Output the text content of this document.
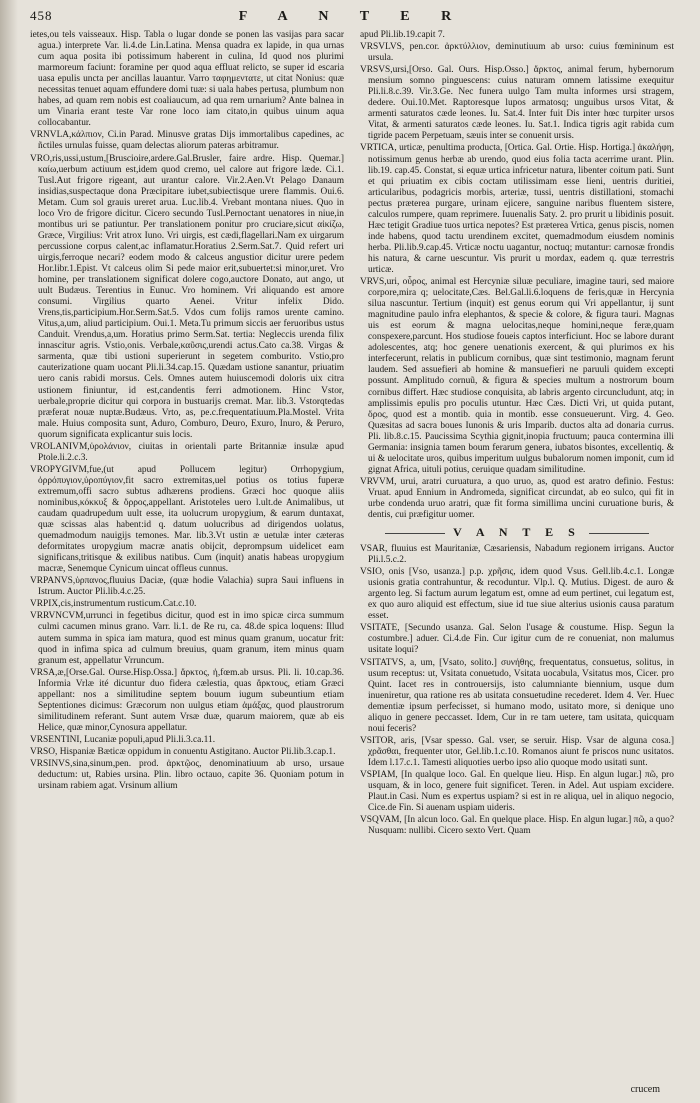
458	F A N T E R

ietes,ou tels vaisseaux. Hisp. Tabla o lugar donde se ponen las vasijas para sacar agua.) interprete Var. li.4.de Lin.Latina. Mensa quadra ex lapide, in qua urnas cum aqua posita ibi potissimum haberent in culina, Id quod nos plurimi marmoreum faciunt: foramine per quod aqua effluat relicto, se super id escaria uasa epulis uncta per ancillas lauantur. Varro ταφημεντατε, ut citat Nonius: quæ necessitas tenuet aquam effundere domi tuæ: si uala habes pertusa, plumbum non habes, ad quam rem nobis est coaliaucum, ad qua rem urnarium? Ante balnea in um Vinaria erant teste Var rone loco iam citato,in quibus uinum aqua collocabantur.

VRNVLA,κάλπιον, Ci.in Parad. Minusve gratas Dijs immortalibus capedines, ac ñctiles urnulas fuisse, quam delectas aliorum pateras arbitramur.

VRO,ris,ussi,ustum,[Bruscioire,ardere.Gal.Brusler, faire ardre. Hisp. Quemar.] καίω,uerbum actiuum est,idem quod cremo, uel calore aut frigore læde. Ci.1. Tusl.Aut frigore rigeant, aut urantur calore. Vir.2.Aen.Vt Pelago Danaum insidias,suspectaque dona Præcipitare iubet,subiectisque urere flammis. Oui.6. Metam. Cum sol grauis ureret arua. Luc.lib.4. Vrebant montana niues. Quo in loco Vro de frigore dicitur. Cicero secundo Tusl.Pernoctant uenatores in niue,in montibus uri se patiuntur. Per translationem ponitur pro cruciare,sicut αἰκίζω, Græce, Virgilius: Vrit atrox Iuno. Vri uirgis, est cædi,flagellari.Nam ex uirgarum percussione corpus calent,ac inflamatur.Horatius 2.Serm.Sat.7. Quid refert uri uirgis,ferroque necari? eodem modo & calceus angustior dicitur urere pedem Hor.libr.1.Epist. Vt calceus olim Si pede maior erit,subuertet:si minor,uret. Vro homine, per translationem significat dolere cogo,auctore Donato, aut ango, ut uult Budæus. Terentius in Eunuc. Vro hominem. Vri aliquando est amore consumi. Virgilius quarto Aenei. Vritur infelix Dido. Vrens,tis,participium.Hor.Serm.Sat.5. Vdos cum folijs ramos urente camino. Vitus,a,um, aliud participium. Oui.1. Meta.Tu primum siccis aer feruoribus ustus Canduit. Vrendus,a,um. Horatius primo Serm.Sat. tertia: Negleccis urenda filix innascitur agris. Vstio,onis. Verbale,καῦσις,urendi actus.Cato ca.38. Virgas & sarmenta, quæ tibi ustioni superierunt in segetem comburito. Vstio,pro cauterizatione quam uocant Pli.li.34.cap.15. Quædam ustione sanantur, priuatim uero canis rabidi morsus. Cels. Omnes autem huiuscemodi doloris uix citra ustionem finiuntur, id est,candentis ferri admotionem. Hinc Vstor, uerbale,proprie dicitur qui corpora in bustuarijs cremat. Mar. lib.3. Vstorqtedas præferat nouæ nuptæ.Budæus. Vrto, as, pe.c.frequentatiuum.Pla.Mostel. Vrita male. Huius composita sunt, Aduro, Comburo, Deuro, Exuro, Inuro, & Peruro, quorum significata explicantur suis locis.

VROLANIVM,ὑρολάνιον, ciuitas in orientali parte Britanniæ insulæ apud Ptole.li.2.c.3.

VROPYGIVM,fue,(ut apud Pollucem legitur) Orrhopygium, ὀρρόπυγιον,ὑροπύγιον,fit sacro extremitas,uel potius os totius fuperæ extremum,offi sacro subtus adhærens prodiens. Græci hoc quoque aliis nominibus,κόκκυξ & ὄρρος,appellant. Aristoteles uero l.ult.de Animalibus, ut caudam quadrupedum uult esse, ita uolucrum uropygium, & earum duntaxat, quæ scissas alas habent:id q. datum uolucribus ad dirigendos uolatus, quemadmodum nauigijs temones. Mar. lib.3.Vt ustin æ uetulæ inter cæteras deformitates uropygium macræ anatis obijcit, deprompsum uidelicet eam significans,tritisque & exilibus natibus. Cum (inquit) anatis habeas uropygium macræ, Senemque Cynicum uincat offleus cunnus.

VRPANVS,ὑρπανος,fluuius Daciæ, (quæ hodie Valachia) supra Saui influens in Istrum. Auctor Pli.lib.4.c.25.

VRPIX,cis,instrumentum rusticum.Cat.c.10.

VRRVNCVM,urrunci in fegetibus dicitur, quod est in imo spicæ circa summum culmi cacumen minus grano. Varr. li.1. de Re ru, ca. 48.de spica loquens: Illud autem summa in spica iam matura, quod est minus quam granum, uocatur frit: quod in infima spica ad culmum breuius, quam granum, item minus quam granum est, appellatur Vrruncum.

VRSA,æ,[Orse.Gal. Ourse.Hisp.Ossa.] ἄρκτος, ἡ,fœm.ab ursus. Pli. li. 10.cap.36. Informia Vrlæ ité dicuntur duo fidera cælestia, quas ἄρκτους, etiam Græci appellant: nos a similitudine septem bouum iugum subeuntium etiam Septentiones dicimus: Græcorum non uulgus etiam ἁμάξας, quod plaustrorum similitudinem referant. Sunt autem Vrsæ duæ, quarum maiorem, quæ ab eis Helice, quæ minor,Cynosura appellatur.

VRSENTINI, Lucaniæ populi,apud Pli.li.3.ca.11.

VRSO, Hispaniæ Bæticæ oppidum in conuentu Astigitano. Auctor Pli.lib.3.cap.1.

VRSINVS,sina,sinum,pen. prod. ἀρκτῷος, denominatiuum ab urso, ursaue deductum: ut, Rabies ursina. Plin. libro octauo, capite 36. Quoniam potum in ursinam rabiem agat. Vrsinum allium

apud Pli.lib.19.capit 7.

VRSVLVS, pen.cor. ἀρκτύλλιον, deminutiuum ab urso: cuius fœmininum est ursula.

VRSVS,ursi,[Orso. Gal. Ours. Hisp.Osso.] ἄρκτος, animal ferum, hybernorum mensium somno pinguescens: cuius naturam omnem latissime exequitur Pli.li.8.c.39. Vir.3.Ge. Nec funera uulgo Tam multa informes ursi stragem, dedere. Oui.10.Met. Raptoresque lupos armatosq; unguibus ursos Vitat, & armenti saturatos cæde leones. Iu. Sat.4. Inter fuit Dis inter hœc turpiter ursos Vitat, & armenti saturatos cæde leones. Iu. Sat.1. Indica tigris agit rabida cum tigride pacem Perpetuam, sæuis inter se conuenit ursis.

VRTICA, urticæ, penultima producta, [Ortica. Gal. Ortie. Hisp. Hortiga.] ἀκαλήφη, notissimum genus herbæ ab urendo, quod eius folia tacta acerrime urant. Plin. lib.19. cap.45. Constat, si equæ urtica infricetur natura, libenter coitum pati. Sunt et qui priuatim ex cibis coctam utilissimam esse lieni, uentris duritiei, articularibus, podagricis morbis, arteriæ, tussi, uentris distillationi, stomachi pectus præterea purgare, urinam ejicere, sanguine naribus fluentem sistere, calculos rumpere, quam reprimere. Iuuenalis Saty. 2. pro prurit u libidinis posuit. Hæc tetigit Gradiue tuos urtica nepotes? Est præterea Vrtica, genus piscis, nomen inde habens, quod tactu urendinem excitet, quemadmodum eiusdem nominis herba. Pli.lib.9.cap.45. Vrticæ noctu uagantur, noctuq; mutantur: carnosæ frondis his natura, & carne uescuntur. Vis prurit u mordax, eadem q. quæ terrestris urticæ.

VRVS,uri, οὖρος, animal est Hercyniæ siluæ peculiare, imagine tauri, sed maiore corpore,mira q; uelocitate,Cæs. Bel.Gal.li.6.loquens de feris,quæ in Hercynia silua nascuntur. Tertium (inquit) est genus eorum qui Vri appellantur, ij sunt magnitudine paulo infra elephantos, & specie & colore, & figura tauri. Magnas uis est eorum & magna uelocitas,neque homini,neque feræ,quam conspexere,parcunt. Hos studiose foueis captos interficiunt. Hoc se labore durant adolescentes, atq; hoc genere uenationis exercent, & qui plurimos ex his interfecerunt, relatis in publicum cornibus, quæ sint testimonio, magnam ferunt laudem. Sed assuefieri ab homine & mansuefieri ne paruuli quidem excepti possunt. Amplitudo cornuũ, & figura & species multum a nostrorum boum cornibus differt. Hæc studiose conquisita, ab labris argento circuncludunt, atq; in amplissimis epulis pro poculis utuntur. Hæc Cæs. Dicti Vri, ut quida putant, ὄρος, quod est a montib. quia in montib. esse consueuerunt. Virg. 4. Geo. Quæsitas ad sacra boues Iunonis & uris Imparib. ductos alta ad donaria currus. Pli. lib.8.c.15. Paucissima Scythia gignit,inopia fructuum; pauca contermina illi Germania: insignia tamen boum ferarum genera, iubatos bisontes, excellentiq. & ui & uelocitate uros, quibus imperitum uulgus bubalorum nomen imponit, cum id gignat Africa, uituli potius, ceruique quadam similitudine.

VRVVM, urui, aratri curuatura, a quo uruo, as, quod est aratro definio. Festus: Vruat. apud Ennium in Andromeda, significat circundat, ab eo sulco, qui fit in urbe condenda uruo aratri, quæ fit forma simillima uncini curuatione buris, & dentis, cui præfigitur uomer.

V A N T E S

VSAR, fluuius est Mauritaniæ, Cæsariensis, Nabadum regionem irrigans. Auctor Pli.l.5.c.2.

VSIO, onis [Vso, usanza.] p.p. χρῆσις, idem quod Vsus. Gell.lib.4.c.1. Longæ usionis gratia contrahuntur, & recoduntur. Vlp.l. Q. Mutius. Digest. de auro & argento leg. Si factum aurum legatum est, omne ad eum pertinet, cui legatum est, ex quo auro aliquid est effectum, siue id tue siue alterius usionis causa paratum esset.

VSITATE, [Secundo usanza. Gal. Selon l'usage & coustume. Hisp. Segun la costumbre.] aduer. Ci.4.de Fin. Cur igitur cum de re conueniat, non malumus usitate loqui?

VSITATVS, a, um, [Vsato, solito.] συνήθης, frequentatus, consuetus, solitus, in usum receptus: ut, Vsitata conuetudo, Vsitata uocabula, Vsitatus mos, Cicer. pro Quint. Iacet res in controuersijs, isto calumniante biennium, usque dum inueniretur, qua ratione res ab usitata consuetudine recederet. Idem 4. Ver. Huec dementiæ ipsum perfecisset, si humano modo, usitato more, si denique uno aliquo in genere peccasset. Idem, Cur in re tam uetere, tam usitata, quicquam noui feceris?

VSITOR, aris, [Vsar spesso. Gal. vser, se seruir. Hisp. Vsar de alguna cosa.] χρᾶσθαι, frequenter utor, Gel.lib.1.c.10. Romanos aiunt fe priscos nunc usitatos. Idem l.17.c.1. Tamesti aliquoties uerbo ipso alio quoque modo usitati sunt.

VSPIAM, [In qualque loco. Gal. En quelque lieu. Hisp. En algun lugar.] πῶ, pro usquam, & in loco, genere fuit significet. Teren. in Adel. Aut uspiam excidere. Plaut.in Casi. Num es expertus uspiam? si est in re aliqua, uel in aliquo negocio, Cice.de Fin. Si auenam uspiam uideris.

VSQVAM, [In alcun loco. Gal. En quelque place. Hisp. En algun lugar.] πῶ, a quo? Nusquam: nullibi. Cicero sexto Vert. Quam

crucem
